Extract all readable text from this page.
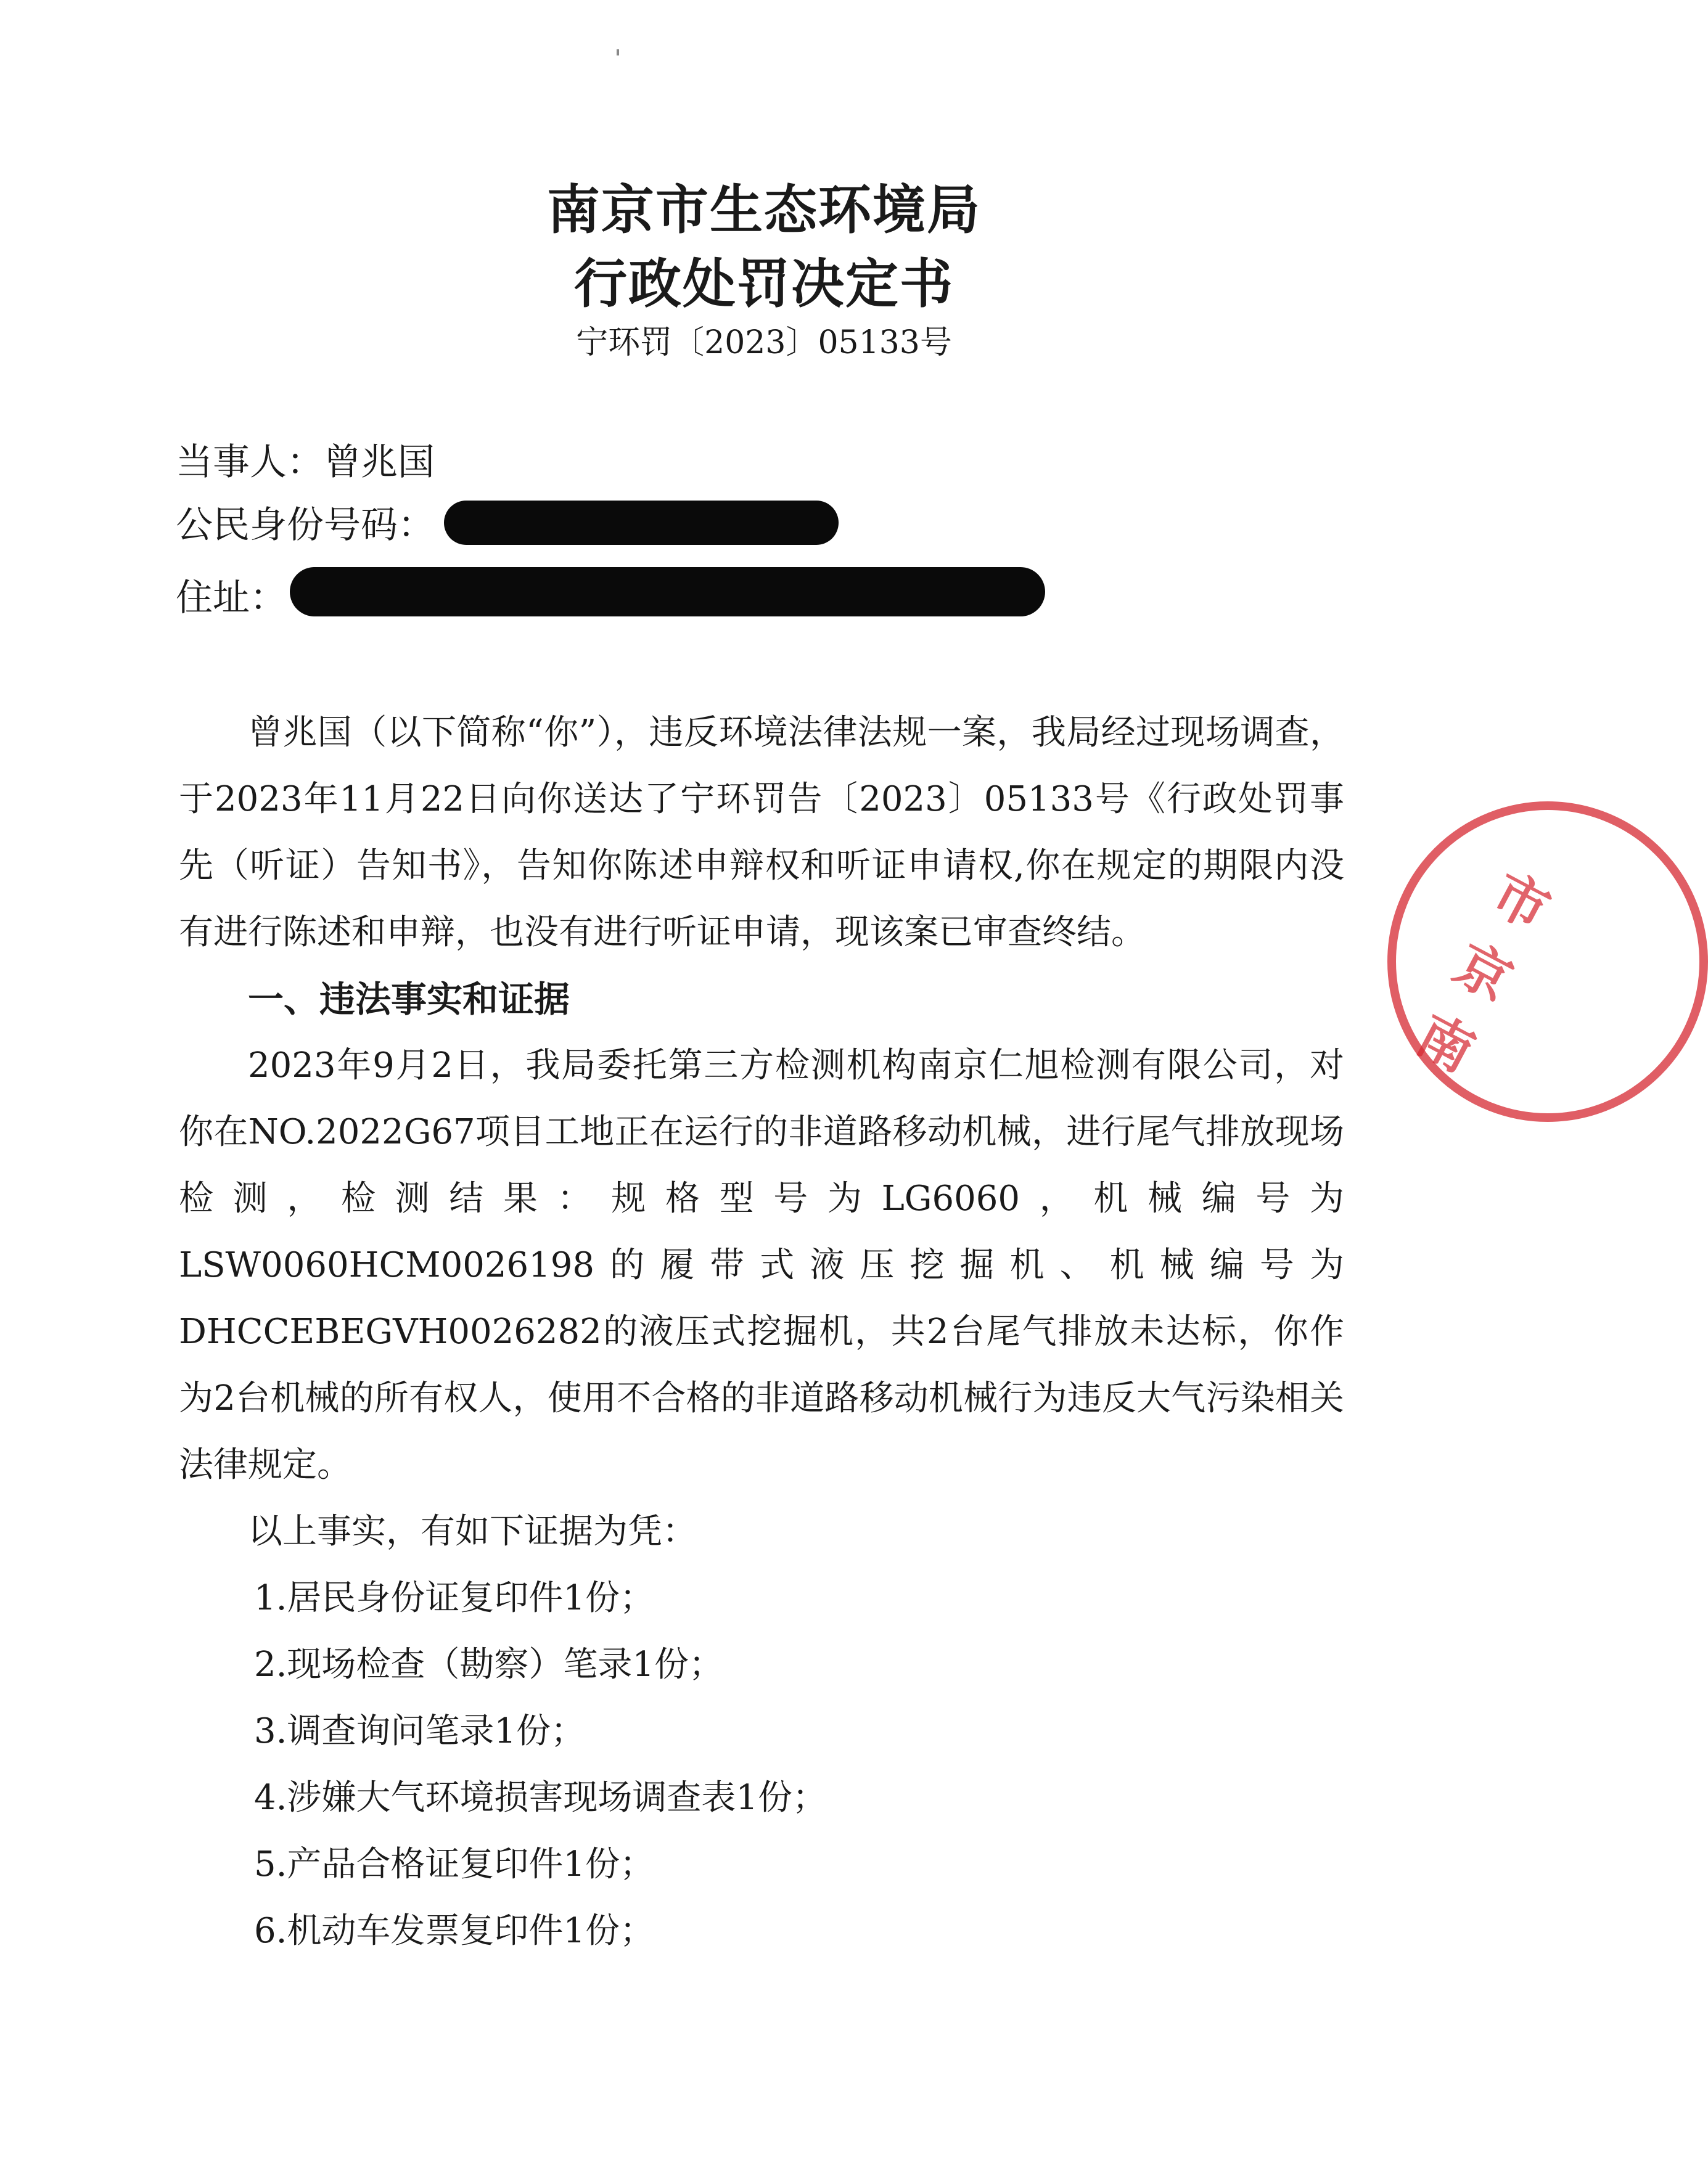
南京市生态环境局
行政处罚决定书
宁环罚〔2023〕05133号
当事人：曾兆国
公民身份号码：
住址：

曾兆国（以下简称“你”），违反环境法律法规一案，我局经过现场调查，于2023年11月22日向你送达了宁环罚告〔2023〕05133号《行政处罚事先（听证）告知书》，告知你陈述申辩权和听证申请权,你在规定的期限内没有进行陈述和申辩，也没有进行听证申请，现该案已审查终结。

一、违法事实和证据

2023年9月2日，我局委托第三方检测机构南京仁旭检测有限公司，对你在NO.2022G67项目工地正在运行的非道路移动机械，进行尾气排放现场检测，检测结果：规格型号为LG6060，机械编号为LSW0060HCM0026198的履带式液压挖掘机、机械编号为DHCCEBEGVH0026282的液压式挖掘机，共2台尾气排放未达标，你作为2台机械的所有权人，使用不合格的非道路移动机械行为违反大气污染相关法律规定。

以上事实，有如下证据为凭：

1.居民身份证复印件1份；

2.现场检查（勘察）笔录1份；

3.调查询问笔录1份；

4.涉嫌大气环境损害现场调查表1份；

5.产品合格证复印件1份；

6.机动车发票复印件1份；

市
京
南
